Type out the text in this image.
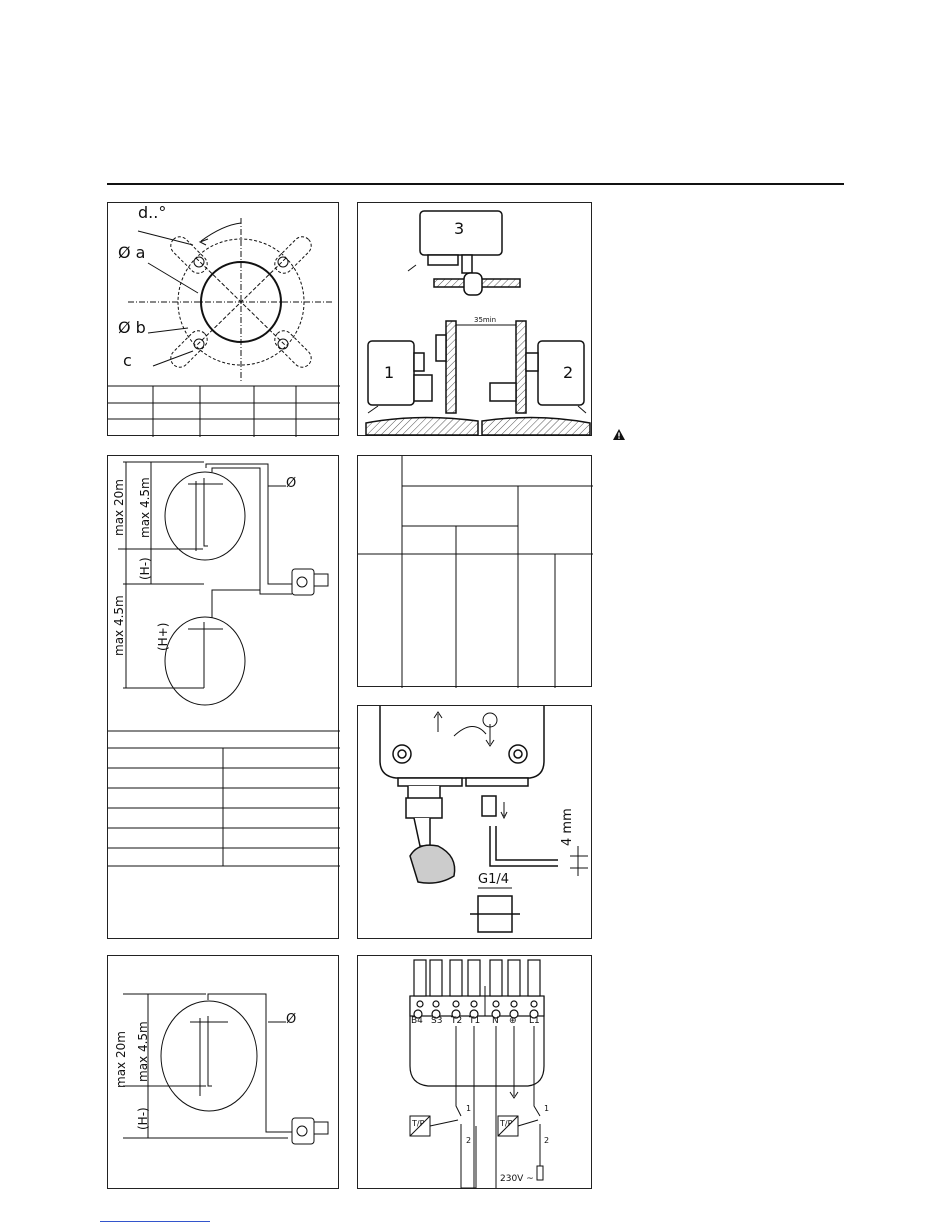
d..°
Ø a
Ø b
c
3
1	2
35min
max 20m max 4.5m
(H-)
max 4.5m	(H+)
Ø
4 mm
G1/4
max 20m max 4.5m
(H-)
Ø	B4 S3 T2 T1 N ⊕ L1
T/P	T/P
1
2
1
2
230V ~
